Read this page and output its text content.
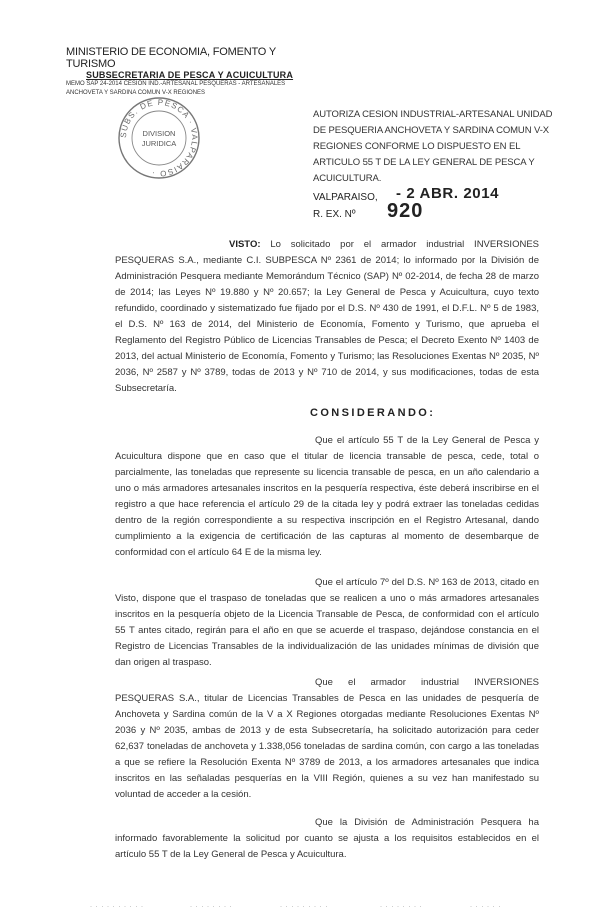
MINISTERIO DE ECONOMIA, FOMENTO Y TURISMO
SUBSECRETARIA DE PESCA Y ACUICULTURA
MEMO SAP 24-2014 CESIÓN IND.-ARTESANAL PESQUERAS - ARTESANALES
ANCHOVETA Y SARDINA COMUN V-X REGIONES
SUBS. DE PESCA · VALPARAISO ·
DIVISION
JURIDICA
AUTORIZA CESION INDUSTRIAL-ARTESANAL UNIDAD DE PESQUERIA ANCHOVETA Y SARDINA COMUN V-X REGIONES CONFORME LO DISPUESTO EN EL ARTICULO 55 T DE LA LEY GENERAL DE PESCA Y ACUICULTURA.
VALPARAISO, - 2 ABR. 2014
R. EX. Nº 920
VISTO: Lo solicitado por el armador industrial INVERSIONES PESQUERAS S.A., mediante C.I. SUBPESCA Nº 2361 de 2014; lo informado por la División de Administración Pesquera mediante Memorándum Técnico (SAP) Nº 02-2014, de fecha 28 de marzo de 2014; las Leyes Nº 19.880 y Nº 20.657; la Ley General de Pesca y Acuicultura, cuyo texto refundido, coordinado y sistematizado fue fijado por el D.S. Nº 430 de 1991, el D.F.L. Nº 5 de 1983, el D.S. Nº 163 de 2014, del Ministerio de Economía, Fomento y Turismo, que aprueba el Reglamento del Registro Público de Licencias Transables de Pesca; el Decreto Exento Nº 1403 de 2013, del actual Ministerio de Economía, Fomento y Turismo; las Resoluciones Exentas Nº 2035, Nº 2036, Nº 2587 y Nº 3789, todas de 2013 y Nº 710 de 2014, y sus modificaciones, todas de esta Subsecretaría.
CONSIDERANDO:
Que el artículo 55 T de la Ley General de Pesca y Acuicultura dispone que en caso que el titular de licencia transable de pesca, cede, total o parcialmente, las toneladas que represente su licencia transable de pesca, en un año calendario a uno o más armadores artesanales inscritos en la pesquería respectiva, éste deberá inscribirse en el registro a que hace referencia el artículo 29 de la citada ley y podrá extraer las toneladas cedidas dentro de la región correspondiente a su respectiva inscripción en el Registro Artesanal, dando cumplimiento a la exigencia de certificación de las capturas al momento de desembarque de conformidad con el artículo 64 E de la misma ley.
Que el artículo 7º del D.S. Nº 163 de 2013, citado en Visto, dispone que el traspaso de toneladas que se realicen a uno o más armadores artesanales inscritos en la pesquería objeto de la Licencia Transable de Pesca, de conformidad con el artículo 55 T antes citado, regirán para el año en que se acuerde el traspaso, dejándose constancia en el Registro de Licencias Transables de la individualización de las unidades mínimas de división que dan origen al traspaso.
Que el armador industrial INVERSIONES PESQUERAS S.A., titular de Licencias Transables de Pesca en las unidades de pesquería de Anchoveta y Sardina común de la V a X Regiones otorgadas mediante Resoluciones Exentas Nº 2036 y Nº 2035, ambas de 2013 y de esta Subsecretaría, ha solicitado autorización para ceder 62,637 toneladas de anchoveta y 1.338,056 toneladas de sardina común, con cargo a las toneladas a que se refiere la Resolución Exenta Nº 3789 de 2013, a los armadores artesanales que indica inscritos en las señaladas pesquerías en la VIII Región, quienes a su vez han manifestado su voluntad de acceder a la cesión.
Que la División de Administración Pesquera ha informado favorablemente la solicitud por cuanto se ajusta a los requisitos establecidos en el artículo 55 T de la Ley General de Pesca y Acuicultura.
· · · · · · · · · ·	· · · · · · · ·	· · · · · · · · ·	· · · · · · · ·	· · · · · ·
